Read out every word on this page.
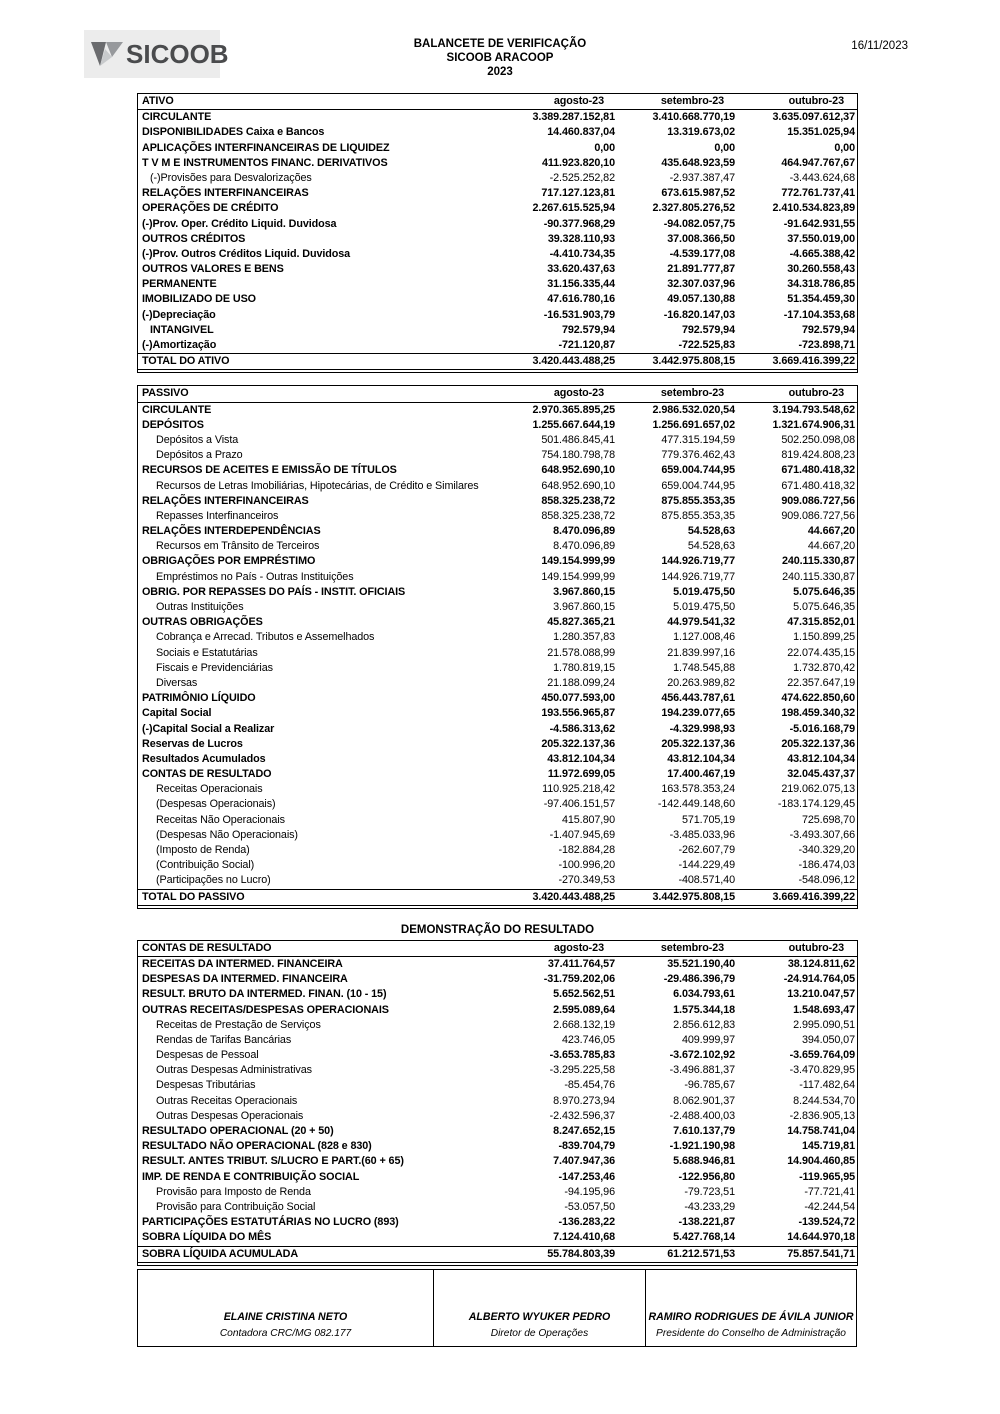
SICOOB	BALANCETE DE VERIFICAÇÃO
SICOOB ARACOOP
2023
16/11/2023
ATIVO	agosto-23	setembro-23	outubro-23
CIRCULANTE	3.389.287.152,81	3.410.668.770,19	3.635.097.612,37
DISPONIBILIDADES Caixa e Bancos	14.460.837,04	13.319.673,02	15.351.025,94
APLICAÇÕES INTERFINANCEIRAS DE LIQUIDEZ	0,00	0,00	0,00
T V M E INSTRUMENTOS FINANC. DERIVATIVOS	411.923.820,10	435.648.923,59	464.947.767,67
(-)Provisões para Desvalorizações	-2.525.252,82	-2.937.387,47	-3.443.624,68
RELAÇÕES INTERFINANCEIRAS	717.127.123,81	673.615.987,52	772.761.737,41
OPERAÇÕES DE CRÉDITO	2.267.615.525,94	2.327.805.276,52	2.410.534.823,89
(-)Prov. Oper. Crédito Liquid. Duvidosa	-90.377.968,29	-94.082.057,75	-91.642.931,55
OUTROS CRÉDITOS	39.328.110,93	37.008.366,50	37.550.019,00
(-)Prov. Outros Créditos Liquid. Duvidosa	-4.410.734,35	-4.539.177,08	-4.665.388,42
OUTROS VALORES E BENS	33.620.437,63	21.891.777,87	30.260.558,43
PERMANENTE	31.156.335,44	32.307.037,96	34.318.786,85
IMOBILIZADO DE USO	47.616.780,16	49.057.130,88	51.354.459,30
(-)Depreciação	-16.531.903,79	-16.820.147,03	-17.104.353,68
INTANGIVEL	792.579,94	792.579,94	792.579,94
(-)Amortização	-721.120,87	-722.525,83	-723.898,71
TOTAL DO ATIVO	3.420.443.488,25	3.442.975.808,15	3.669.416.399,22
PASSIVO	agosto-23	setembro-23	outubro-23
CIRCULANTE	2.970.365.895,25	2.986.532.020,54	3.194.793.548,62
DEPÓSITOS	1.255.667.644,19	1.256.691.657,02	1.321.674.906,31
Depósitos a Vista	501.486.845,41	477.315.194,59	502.250.098,08
Depósitos a Prazo	754.180.798,78	779.376.462,43	819.424.808,23
RECURSOS DE ACEITES E EMISSÃO DE TÍTULOS	648.952.690,10	659.004.744,95	671.480.418,32
Recursos de Letras Imobiliárias, Hipotecárias, de Crédito e Similares	648.952.690,10	659.004.744,95	671.480.418,32
RELAÇÕES INTERFINANCEIRAS	858.325.238,72	875.855.353,35	909.086.727,56
Repasses Interfinanceiros	858.325.238,72	875.855.353,35	909.086.727,56
RELAÇÕES INTERDEPENDÊNCIAS	8.470.096,89	54.528,63	44.667,20
Recursos em Trânsito de Terceiros	8.470.096,89	54.528,63	44.667,20
OBRIGAÇÕES POR EMPRÉSTIMO	149.154.999,99	144.926.719,77	240.115.330,87
Empréstimos no País - Outras Instituições	149.154.999,99	144.926.719,77	240.115.330,87
OBRIG. POR REPASSES DO PAÍS - INSTIT. OFICIAIS	3.967.860,15	5.019.475,50	5.075.646,35
Outras Instituições	3.967.860,15	5.019.475,50	5.075.646,35
OUTRAS OBRIGAÇÕES	45.827.365,21	44.979.541,32	47.315.852,01
Cobrança e Arrecad. Tributos e Assemelhados	1.280.357,83	1.127.008,46	1.150.899,25
Sociais e Estatutárias	21.578.088,99	21.839.997,16	22.074.435,15
Fiscais e Previdenciárias	1.780.819,15	1.748.545,88	1.732.870,42
Diversas	21.188.099,24	20.263.989,82	22.357.647,19
PATRIMÔNIO LÍQUIDO	450.077.593,00	456.443.787,61	474.622.850,60
Capital Social	193.556.965,87	194.239.077,65	198.459.340,32
(-)Capital Social a Realizar	-4.586.313,62	-4.329.998,93	-5.016.168,79
Reservas de Lucros	205.322.137,36	205.322.137,36	205.322.137,36
Resultados Acumulados	43.812.104,34	43.812.104,34	43.812.104,34
CONTAS DE RESULTADO	11.972.699,05	17.400.467,19	32.045.437,37
Receitas Operacionais	110.925.218,42	163.578.353,24	219.062.075,13
(Despesas Operacionais)	-97.406.151,57	-142.449.148,60	-183.174.129,45
Receitas Não Operacionais	415.807,90	571.705,19	725.698,70
(Despesas Não Operacionais)	-1.407.945,69	-3.485.033,96	-3.493.307,66
(Imposto de Renda)	-182.884,28	-262.607,79	-340.329,20
(Contribuição Social)	-100.996,20	-144.229,49	-186.474,03
(Participações no Lucro)	-270.349,53	-408.571,40	-548.096,12
TOTAL DO PASSIVO	3.420.443.488,25	3.442.975.808,15	3.669.416.399,22
DEMONSTRAÇÃO DO RESULTADO
CONTAS DE RESULTADO	agosto-23	setembro-23	outubro-23
RECEITAS DA INTERMED. FINANCEIRA	37.411.764,57	35.521.190,40	38.124.811,62
DESPESAS DA INTERMED. FINANCEIRA	-31.759.202,06	-29.486.396,79	-24.914.764,05
RESULT. BRUTO DA INTERMED. FINAN. (10 - 15)	5.652.562,51	6.034.793,61	13.210.047,57
OUTRAS RECEITAS/DESPESAS OPERACIONAIS	2.595.089,64	1.575.344,18	1.548.693,47
Receitas de Prestação de Serviços	2.668.132,19	2.856.612,83	2.995.090,51
Rendas de Tarifas Bancárias	423.746,05	409.999,97	394.050,07
Despesas de Pessoal	-3.653.785,83	-3.672.102,92	-3.659.764,09
Outras Despesas Administrativas	-3.295.225,58	-3.496.881,37	-3.470.829,95
Despesas Tributárias	-85.454,76	-96.785,67	-117.482,64
Outras Receitas Operacionais	8.970.273,94	8.062.901,37	8.244.534,70
Outras Despesas Operacionais	-2.432.596,37	-2.488.400,03	-2.836.905,13
RESULTADO OPERACIONAL (20 + 50)	8.247.652,15	7.610.137,79	14.758.741,04
RESULTADO NÃO OPERACIONAL (828 e 830)	-839.704,79	-1.921.190,98	145.719,81
RESULT. ANTES TRIBUT. S/LUCRO E PART.(60 + 65)	7.407.947,36	5.688.946,81	14.904.460,85
IMP. DE RENDA E CONTRIBUIÇÃO SOCIAL	-147.253,46	-122.956,80	-119.965,95
Provisão para Imposto de Renda	-94.195,96	-79.723,51	-77.721,41
Provisão para Contribuição Social	-53.057,50	-43.233,29	-42.244,54
PARTICIPAÇÕES ESTATUTÁRIAS NO LUCRO (893)	-136.283,22	-138.221,87	-139.524,72
SOBRA LÍQUIDA DO MÊS	7.124.410,68	5.427.768,14	14.644.970,18
SOBRA LÍQUIDA ACUMULADA	55.784.803,39	61.212.571,53	75.857.541,71
ELAINE CRISTINA NETO
Contadora CRC/MG 082.177
ALBERTO WYUKER PEDRO
Diretor de Operações
RAMIRO RODRIGUES DE ÁVILA JUNIOR
Presidente do Conselho de Administração
